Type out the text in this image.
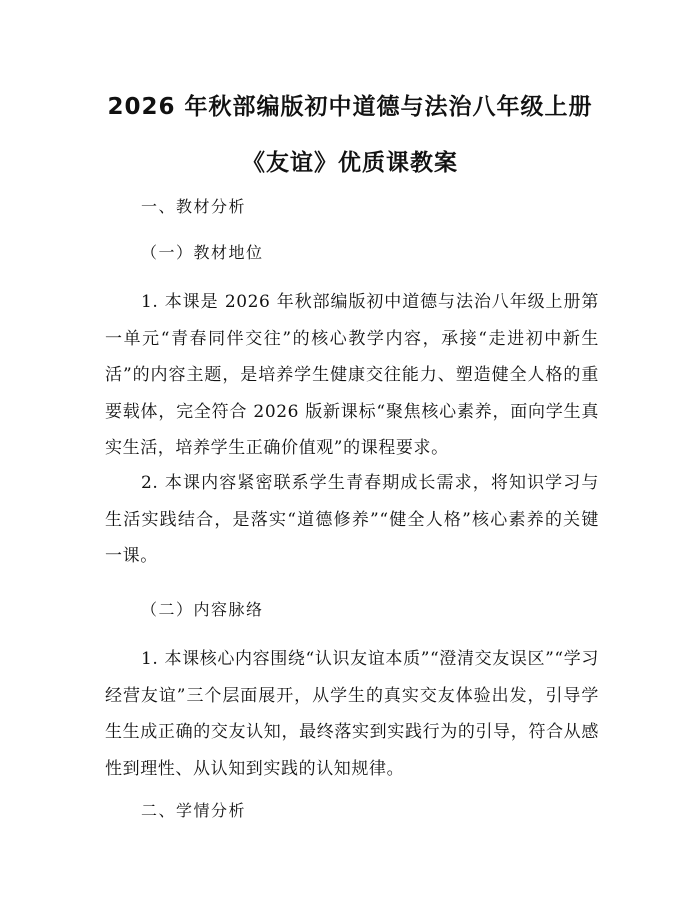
2026 年秋部编版初中道德与法治八年级上册
《友谊》优质课教案
一、教材分析
（一）教材地位

1. 本课是 2026 年秋部编版初中道德与法治八年级上册第一单元“青春同伴交往”的核心教学内容，承接“走进初中新生活”的内容主题，是培养学生健康交往能力、塑造健全人格的重要载体，完全符合 2026 版新课标“聚焦核心素养，面向学生真实生活，培养学生正确价值观”的课程要求。

2. 本课内容紧密联系学生青春期成长需求，将知识学习与生活实践结合，是落实“道德修养”“健全人格”核心素养的关键一课。

（二）内容脉络

1. 本课核心内容围绕“认识友谊本质”“澄清交友误区”“学习经营友谊”三个层面展开，从学生的真实交友体验出发，引导学生生成正确的交友认知，最终落实到实践行为的引导，符合从感性到理性、从认知到实践的认知规律。

二、学情分析
